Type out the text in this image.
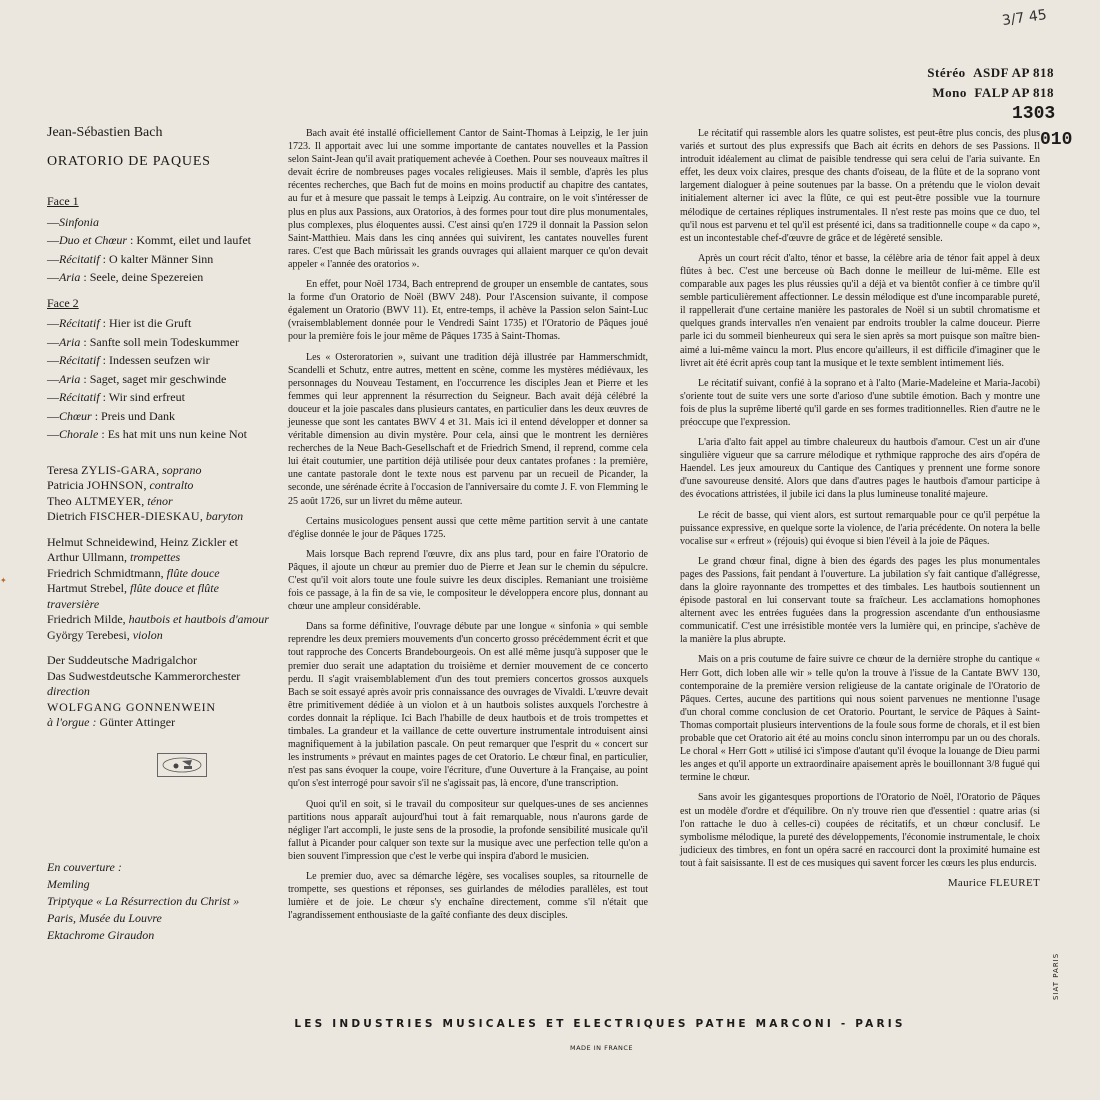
3/7 45
Stéréo ASDF AP 818
Mono FALP AP 818
1303
010
Jean-Sébastien Bach
ORATORIO DE PAQUES
Face 1
—Sinfonia
—Duo et Chœur : Kommt, eilet und laufet
—Récitatif : O kalter Männer Sinn
—Aria : Seele, deine Spezereien
Face 2
—Récitatif : Hier ist die Gruft
—Aria : Sanfte soll mein Todeskummer
—Récitatif : Indessen seufzen wir
—Aria : Saget, saget mir geschwinde
—Récitatif : Wir sind erfreut
—Chœur : Preis und Dank
—Chorale : Es hat mit uns nun keine Not
Teresa ZYLIS-GARA, soprano
Patricia JOHNSON, contralto
Theo ALTMEYER, ténor
Dietrich FISCHER-DIESKAU, baryton
Helmut Schneidewind, Heinz Zickler et Arthur Ullmann, trompettes
Friedrich Schmidtmann, flûte douce
Hartmut Strebel, flûte douce et flûte traversière
Friedrich Milde, hautbois et hautbois d'amour
György Terebesi, violon
Der Suddeutsche Madrigalchor
Das Sudwestdeutsche Kammerorchester
direction
WOLFGANG GONNENWEIN
à l'orgue : Günter Attinger
En couverture :
Memling
Triptyque « La Résurrection du Christ »
Paris, Musée du Louvre
Ektachrome Giraudon

Bach avait été installé officiellement Cantor de Saint-Thomas à Leipzig, le 1er juin 1723. Il apportait avec lui une somme importante de cantates nouvelles et la Passion selon Saint-Jean qu'il avait pratiquement achevée à Coethen. Pour ses nouveaux maîtres il devait écrire de nombreuses pages vocales religieuses. Mais il semble, d'après les plus récentes recherches, que Bach fut de moins en moins productif au chapitre des cantates, au fur et à mesure que passait le temps à Leipzig. Au contraire, on le voit s'intéresser de plus en plus aux Passions, aux Oratorios, à des formes pour tout dire plus monumentales, plus complexes, plus éloquentes aussi. C'est ainsi qu'en 1729 il donnait la Passion selon Saint-Matthieu. Mais dans les cinq années qui suivirent, les cantates nouvelles furent rares. C'est que Bach mûrissait les grands ouvrages qui allaient marquer ce qu'on devait appeler « l'année des oratorios ».

En effet, pour Noël 1734, Bach entreprend de grouper un ensemble de cantates, sous la forme d'un Oratorio de Noël (BWV 248). Pour l'Ascension suivante, il compose également un Oratorio (BWV 11). Et, entre-temps, il achève la Passion selon Saint-Luc (vraisemblablement donnée pour le Vendredi Saint 1735) et l'Oratorio de Pâques joué pour la première fois le jour même de Pâques 1735 à Saint-Thomas.

Les « Osteroratorien », suivant une tradition déjà illustrée par Hammerschmidt, Scandelli et Schutz, entre autres, mettent en scène, comme les mystères médiévaux, les personnages du Nouveau Testament, en l'occurrence les disciples Jean et Pierre et les femmes qui leur apprennent la résurrection du Seigneur. Bach avait déjà célébré la douceur et la joie pascales dans plusieurs cantates, en particulier dans les deux œuvres de jeunesse que sont les cantates BWV 4 et 31. Mais ici il entend développer et donner sa véritable dimension au divin mystère. Pour cela, ainsi que le montrent les dernières recherches de la Neue Bach-Gesellschaft et de Friedrich Smend, il reprend, comme cela lui était coutumier, une partition déjà utilisée pour deux cantates profanes : la première, une cantate pastorale dont le texte nous est parvenu par un recueil de Picander, la seconde, une sérénade écrite à l'occasion de l'anniversaire du comte J. F. von Flemming le 25 août 1726, sur un livret du même auteur.

Certains musicologues pensent aussi que cette même partition servit à une cantate d'église donnée le jour de Pâques 1725.

Mais lorsque Bach reprend l'œuvre, dix ans plus tard, pour en faire l'Oratorio de Pâques, il ajoute un chœur au premier duo de Pierre et Jean sur le chemin du sépulcre. C'est qu'il voit alors toute une foule suivre les deux disciples. Remaniant une troisième fois ce passage, à la fin de sa vie, le compositeur le développera encore plus, donnant au chœur une ampleur considérable.

Dans sa forme définitive, l'ouvrage débute par une longue « sinfonia » qui semble reprendre les deux premiers mouvements d'un concerto grosso précédemment écrit et que tout rapproche des Concerts Brandebourgeois. On est allé même jusqu'à supposer que le premier duo serait une adaptation du troisième et dernier mouvement de ce concerto perdu. Il s'agit vraisemblablement d'un des tout premiers concertos grossos auxquels Bach se soit essayé après avoir pris connaissance des ouvrages de Vivaldi. L'œuvre devait être primitivement dédiée à un violon et à un hautbois solistes auxquels l'orchestre à cordes donnait la réplique. Ici Bach l'habille de deux hautbois et de trois trompettes et timbales. La grandeur et la vaillance de cette ouverture instrumentale introduisent ainsi magnifiquement à la jubilation pascale. On peut remarquer que l'esprit du « concert sur les instruments » prévaut en maintes pages de cet Oratorio. Le chœur final, en particulier, n'est pas sans évoquer la coupe, voire l'écriture, d'une Ouverture à la Française, au point qu'on s'est interrogé pour savoir s'il ne s'agissait pas, là encore, d'une transcription.

Quoi qu'il en soit, si le travail du compositeur sur quelques-unes de ses anciennes partitions nous apparaît aujourd'hui tout à fait remarquable, nous n'aurons garde de négliger l'art accompli, le juste sens de la prosodie, la profonde sensibilité musicale qu'il fallut à Picander pour calquer son texte sur la musique avec une perfection telle qu'on a bien souvent l'impression que c'est le verbe qui inspira d'abord le musicien.

Le premier duo, avec sa démarche légère, ses vocalises souples, sa ritournelle de trompette, ses questions et réponses, ses guirlandes de mélodies parallèles, est tout lumière et de joie. Le chœur s'y enchaîne directement, comme s'il n'était que l'agrandissement enthousiaste de la gaîté confiante des deux disciples.

Le récitatif qui rassemble alors les quatre solistes, est peut-être plus concis, des plus variés et surtout des plus expressifs que Bach ait écrits en dehors de ses Passions. Il introduit idéalement au climat de paisible tendresse qui sera celui de l'aria suivante. En effet, les deux voix claires, presque des chants d'oiseau, de la flûte et de la soprano vont largement dialoguer à peine soutenues par la basse. On a prétendu que le violon devait initialement alterner ici avec la flûte, ce qui est peut-être possible vue la tournure mélodique de certaines répliques instrumentales. Il n'est reste pas moins que ce duo, tel qu'il nous est parvenu et tel qu'il est présenté ici, dans sa traditionnelle coupe « da capo », est un incontestable chef-d'œuvre de grâce et de légèreté sensible.

Après un court récit d'alto, ténor et basse, la célèbre aria de ténor fait appel à deux flûtes à bec. C'est une berceuse où Bach donne le meilleur de lui-même. Elle est comparable aux pages les plus réussies qu'il a déjà et va bientôt confier à ce timbre qu'il semble particulièrement affectionner. Le dessin mélodique est d'une incomparable pureté, il rappellerait d'une certaine manière les pastorales de Noël si un subtil chromatisme et quelques grands intervalles n'en venaient par endroits troubler la calme douceur. Pierre parle ici du sommeil bienheureux qui sera le sien après sa mort puisque son maître bien-aimé a lui-même vaincu la mort. Plus encore qu'ailleurs, il est difficile d'imaginer que le livret ait été écrit après coup tant la musique et le texte semblent intimement liés.

Le récitatif suivant, confié à la soprano et à l'alto (Marie-Madeleine et Maria-Jacobi) s'oriente tout de suite vers une sorte d'arioso d'une subtile émotion. Bach y montre une fois de plus la suprême liberté qu'il garde en ses formes traditionnelles. Rien d'autre ne le préoccupe que l'expression.

L'aria d'alto fait appel au timbre chaleureux du hautbois d'amour. C'est un air d'une singulière vigueur que sa carrure mélodique et rythmique rapproche des airs d'opéra de Haendel. Les jeux amoureux du Cantique des Cantiques y prennent une forme sonore d'une savoureuse densité. Alors que dans d'autres pages le hautbois d'amour participe à des évocations attristées, il jubile ici dans la plus lumineuse tonalité majeure.

Le récit de basse, qui vient alors, est surtout remarquable pour ce qu'il perpétue la puissance expressive, en quelque sorte la violence, de l'aria précédente. On notera la belle vocalise sur « erfreut » (réjouis) qui évoque si bien l'éveil à la joie de Pâques.

Le grand chœur final, digne à bien des égards des pages les plus monumentales pages des Passions, fait pendant à l'ouverture. La jubilation s'y fait cantique d'allégresse, dans la gloire rayonnante des trompettes et des timbales. Les hautbois soutiennent un épisode pastoral en lui conservant toute sa fraîcheur. Les acclamations homophones alternent avec les entrées fuguées dans la progression ascendante d'un enthousiasme communicatif. C'est une irrésistible montée vers la lumière qui, en principe, s'achève de la manière la plus abrupte.

Mais on a pris coutume de faire suivre ce chœur de la dernière strophe du cantique « Herr Gott, dich loben alle wir » telle qu'on la trouve à l'issue de la Cantate BWV 130, contemporaine de la première version religieuse de la cantate originale de l'Oratorio de Pâques. Certes, aucune des partitions qui nous soient parvenues ne mentionne l'usage d'un choral comme conclusion de cet Oratorio. Pourtant, le service de Pâques à Saint-Thomas comportait plusieurs interventions de la foule sous forme de chorals, et il est bien probable que cet Oratorio ait été au moins conclu sinon interrompu par un ou des chorals. Le choral « Herr Gott » utilisé ici s'impose d'autant qu'il évoque la louange de Dieu parmi les anges et qu'il apporte un extraordinaire apaisement après le bouillonnant 3/8 fugué qui termine le chœur.

Sans avoir les gigantesques proportions de l'Oratorio de Noël, l'Oratorio de Pâques est un modèle d'ordre et d'équilibre. On n'y trouve rien que d'essentiel : quatre arias (si l'on rattache le duo à celles-ci) coupées de récitatifs, et un chœur conclusif. Le symbolisme mélodique, la pureté des développements, l'économie instrumentale, le choix judicieux des timbres, en font un opéra sacré en raccourci dont la proximité humaine est tout à fait saisissante. Il est de ces musiques qui savent forcer les cœurs les plus endurcis.

Maurice FLEURET
LES INDUSTRIES MUSICALES ET ELECTRIQUES PATHE MARCONI - PARIS
MADE IN FRANCE
SIAT PARIS
✦
